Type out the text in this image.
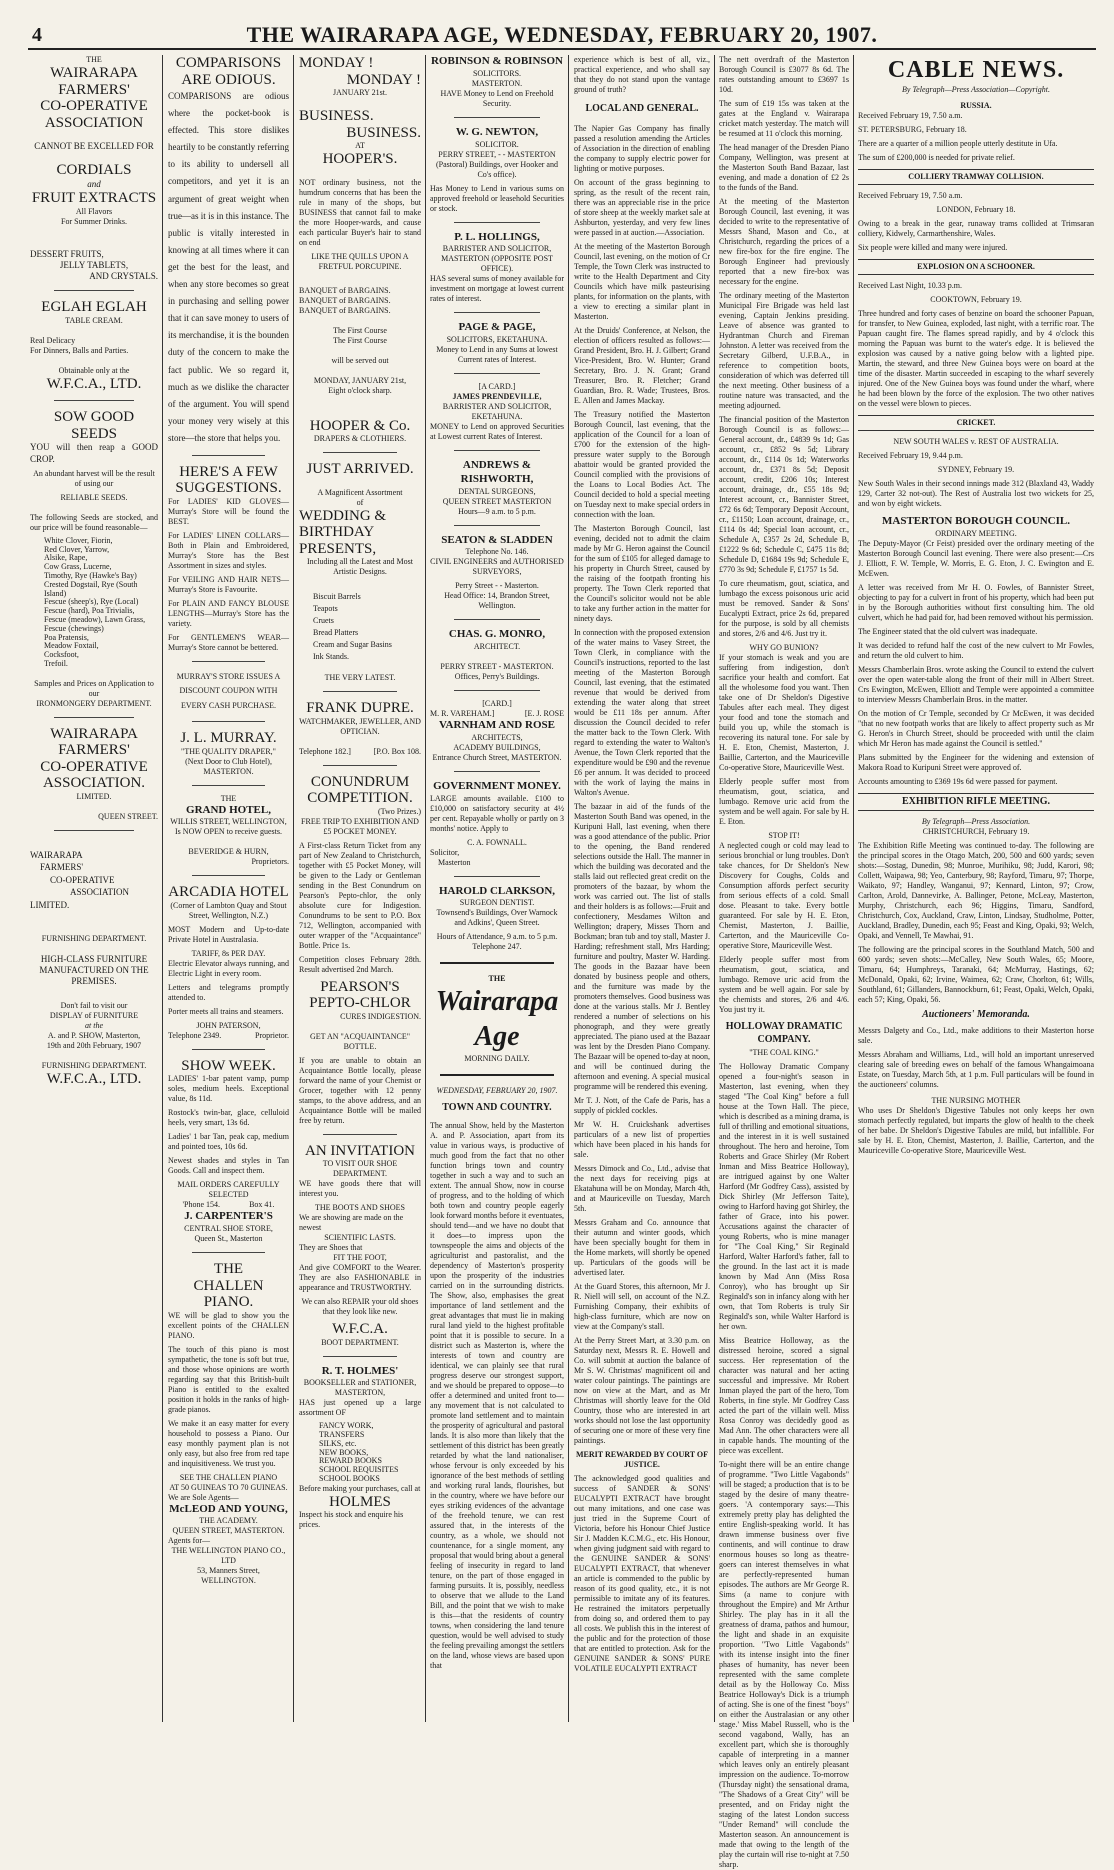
4	THE WAIRARAPA AGE, WEDNESDAY, FEBRUARY 20, 1907.
THE
WAIRARAPA
FARMERS'
CO-OPERATIVE
ASSOCIATION
CANNOT BE EXCELLED FOR
CORDIALS
and
FRUIT EXTRACTS
All Flavors
For Summer Drinks.
DESSERT FRUITS,
JELLY TABLETS,
AND CRYSTALS.
EGLAH EGLAH
TABLE CREAM.
Real Delicacy
For Dinners, Balls and Parties.
Obtainable only at the
W.F.C.A., LTD.
SOW GOOD SEEDS

YOU will then reap a GOOD CROP.

An abundant harvest will be the result of using our

RELIABLE SEEDS.

The following Seeds are stocked, and our price will be found reasonable—

White Clover, Fiorin,
Red Clover, Yarrow,
Alsike, Rape,
Cow Grass, Lucerne,
Timothy, Rye (Hawke's Bay)
Crested Dogstail, Rye (South Island)
Fescue (sheep's), Rye (Local)
Fescue (hard), Poa Trivialis,
Fescue (meadow), Lawn Grass,
Fescue (chewings)
Poa Pratensis,
Meadow Foxtail,
Cocksfoot,
Trefoil.
Samples and Prices on Application to our
IRONMONGERY DEPARTMENT.
WAIRARAPA
FARMERS'
CO-OPERATIVE
ASSOCIATION.
LIMITED.
QUEEN STREET.
WAIRARAPA
FARMERS'
CO-OPERATIVE
ASSOCIATION
LIMITED.
FURNISHING DEPARTMENT.

HIGH-CLASS FURNITURE MANUFACTURED ON THE PREMISES.

Don't fail to visit our
DISPLAY of FURNITURE
at the
A. and P. SHOW, Masterton,
19th and 20th February, 1907
FURNISHING DEPARTMENT.
W.F.C.A., LTD.
COMPARISONS ARE ODIOUS.

COMPARISONS are odious where the pocket-book is effected. This store dislikes heartily to be constantly referring to its ability to undersell all competitors, and yet it is an argument of great weight when true—as it is in this instance. The public is vitally interested in knowing at all times where it can get the best for the least, and when any store becomes so great in purchasing and selling power that it can save money to users of its merchandise, it is the bounden duty of the concern to make the fact public. We so regard it, much as we dislike the character of the argument. You will spend your money very wisely at this store—the store that helps you.

HERE'S A FEW SUGGESTIONS.

For LADIES' KID GLOVES—Murray's Store will be found the BEST.

For LADIES' LINEN COLLARS—Both in Plain and Embroidered, Murray's Store has the Best Assortment in sizes and styles.

For VEILING AND HAIR NETS—Murray's Store is Favourite.

For PLAIN AND FANCY BLOUSE LENGTHS—Murray's Store has the variety.

For GENTLEMEN'S WEAR—Murray's Store cannot be bettered.

MURRAY'S STORE ISSUES A DISCOUNT COUPON WITH EVERY CASH PURCHASE.

J. L. MURRAY.
"THE QUALITY DRAPER,"
(Next Door to Club Hotel),
MASTERTON.
THE
GRAND HOTEL,
WILLIS STREET, WELLINGTON,
Is NOW OPEN to receive guests.
BEVERIDGE & HURN,
Proprietors.
ARCADIA HOTEL

(Corner of Lambton Quay and Stout Street, Wellington, N.Z.)

MOST Modern and Up-to-date Private Hotel in Australasia.

TARIFF, 8s PER DAY.

Electric Elevator always running, and Electric Light in every room.

Letters and telegrams promptly attended to.

Porter meets all trains and steamers.

JOHN PATERSON,
Telephone 2349.	Proprietor.
SHOW WEEK.

LADIES' 1-bar patent vamp, pump soles, medium heels. Exceptional value, 8s 11d.

Rostock's twin-bar, glace, celluloid heels, very smart, 13s 6d.

Ladies' 1 bar Tan, peak cap, medium and pointed toes, 10s 6d.

Newest shades and styles in Tan Goods. Call and inspect them.

MAIL ORDERS CAREFULLY SELECTED
'Phone 154.	Box 41.
J. CARPENTER'S
CENTRAL SHOE STORE,
Queen St., Masterton
THE
CHALLEN
PIANO.

WE will be glad to show you the excellent points of the CHALLEN PIANO.

The touch of this piano is most sympathetic, the tone is soft but true, and those whose opinions are worth regarding say that this British-built Piano is entitled to the exalted position it holds in the ranks of high-grade pianos.

We make it an easy matter for every household to possess a Piano. Our easy monthly payment plan is not only easy, but also free from red tape and inquisitiveness. We trust you.

SEE THE CHALLEN PIANO
AT 50 GUINEAS TO 70 GUINEAS.
We are Sole Agents—
McLEOD AND YOUNG,
THE ACADEMY.
QUEEN STREET, MASTERTON.
Agents for—
THE WELLINGTON PIANO CO., LTD
53, Manners Street,
WELLINGTON.
MONDAY !
MONDAY !
JANUARY 21st.
BUSINESS.
BUSINESS.
AT
HOOPER'S.

NOT ordinary business, not the humdrum concerns that has been the rule in many of the shops, but BUSINESS that cannot fail to make the more Hooper-wards, and cause each particular Buyer's hair to stand on end

LIKE THE QUILLS UPON A FRETFUL PORCUPINE.

BANQUET of BARGAINS.
BANQUET of BARGAINS.
BANQUET of BARGAINS.
The First Course
The First Course
will be served out
MONDAY, JANUARY 21st,
Eight o'clock sharp.
HOOPER & Co.
DRAPERS & CLOTHIERS.
JUST ARRIVED.
A Magnificent Assortment
of
WEDDING & BIRTHDAY PRESENTS,

Including all the Latest and Most Artistic Designs.

Biscuit Barrels
Teapots
Cruets
Bread Platters
Cream and Sugar Basins
Ink Stands.
THE VERY LATEST.
FRANK DUPRE.
WATCHMAKER, JEWELLER, AND OPTICIAN.
Telephone 182.]	[P.O. Box 108.
CONUNDRUM
COMPETITION.
(Two Prizes.)

FREE TRIP TO EXHIBITION AND £5 POCKET MONEY.

A First-class Return Ticket from any part of New Zealand to Christchurch, together with £5 Pocket Money, will be given to the Lady or Gentleman sending in the Best Conundrum on Pearson's Pepto-chlor, the only absolute cure for Indigestion. Conundrums to be sent to P.O. Box 712, Wellington, accompanied with outer wrapper of the "Acquaintance" Bottle. Price 1s.

Competition closes February 28th. Result advertised 2nd March.

PEARSON'S
PEPTO-CHLOR
CURES INDIGESTION.

GET AN "ACQUAINTANCE" BOTTLE.

If you are unable to obtain an Acquaintance Bottle locally, please forward the name of your Chemist or Grocer, together with 12 penny stamps, to the above address, and an Acquaintance Bottle will be mailed free by return.

AN INVITATION
TO VISIT OUR SHOE DEPARTMENT.

WE have goods there that will interest you.

THE BOOTS AND SHOES
We are showing are made on the newest
SCIENTIFIC LASTS.
They are Shoes that
FIT THE FOOT,

And give COMFORT to the Wearer. They are also FASHIONABLE in appearance and TRUSTWORTHY.

We can also REPAIR your old shoes that they look like new.

W.F.C.A.
BOOT DEPARTMENT.
R. T. HOLMES'
BOOKSELLER and STATIONER,
MASTERTON,

HAS just opened up a large assortment OF

FANCY WORK,
TRANSFERS
SILKS, etc.
NEW BOOKS,
REWARD BOOKS
SCHOOL REQUISITES
SCHOOL BOOKS
Before making your purchases, call at
HOLMES
Inspect his stock and enquire his prices.
ROBINSON & ROBINSON
SOLICITORS.
MASTERTON.

HAVE Money to Lend on Freehold Security.

W. G. NEWTON,
SOLICITOR.
PERRY STREET, - - MASTERTON

(Pastoral) Buildings, over Hooker and Co's office).

Has Money to Lend in various sums on approved freehold or leasehold Securities or stock.

P. L. HOLLINGS,
BARRISTER AND SOLICITOR,
MASTERTON (OPPOSITE POST OFFICE).

HAS several sums of money available for investment on mortgage at lowest current rates of interest.

PAGE & PAGE,
SOLICITORS, EKETAHUNA.

Money to Lend in any Sums at lowest Current rates of Interest.

[A CARD.]
JAMES PRENDEVILLE,
BARRISTER AND SOLICITOR,
EKETAHUNA.

MONEY to Lend on approved Securities at Lowest current Rates of Interest.

ANDREWS & RISHWORTH,
DENTAL SURGEONS,
QUEEN STREET MASTERTON
Hours—9 a.m. to 5 p.m.
SEATON & SLADDEN
Telephone No. 146.

CIVIL ENGINEERS and AUTHORISED SURVEYORS,

Perry Street - - Masterton.
Head Office: 14, Brandon Street, Wellington.
CHAS. G. MONRO,
ARCHITECT.
PERRY STREET - MASTERTON.
Offices, Perry's Buildings.
[CARD.]
M. R. VAREHAM.]	[E. J. ROSE
VARNHAM AND ROSE
ARCHITECTS,
ACADEMY BUILDINGS,
Entrance Church Street, MASTERTON.
GOVERNMENT MONEY.

LARGE amounts available. £100 to £10,000 on satisfactory security at 4½ per cent. Repayable wholly or partly on 3 months' notice. Apply to

C. A. FOWNALL.
Solicitor,
Masterton
HAROLD CLARKSON,
SURGEON DENTIST.

Townsend's Buildings, Over Warnock and Adkins', Queen Street.

Hours of Attendance, 9 a.m. to 5 p.m. Telephone 247.

THE
Wairarapa Age
MORNING DAILY.
WEDNESDAY, FEBRUARY 20, 1907.
TOWN AND COUNTRY.

The annual Show, held by the Masterton A. and P. Association, apart from its value in various ways, is productive of much good from the fact that no other function brings town and country together in such a way and to such an extent. The annual Show, now in course of progress, and to the holding of which both town and country people eagerly look forward months before it eventuates, should tend—and we have no doubt that it does—to impress upon the townspeople the aims and objects of the agriculturist and pastoralist, and the dependency of Masterton's prosperity upon the prosperity of the industries carried on in the surrounding districts. The Show, also, emphasises the great importance of land settlement and the great advantages that must lie in making rural land yield to the highest profitable point that it is possible to secure. In a district such as Masterton is, where the interests of town and country are identical, we can plainly see that rural progress deserve our strongest support, and we should be prepared to oppose—to offer a determined and united front to—any movement that is not calculated to promote land settlement and to maintain the prosperity of agricultural and pastoral lands. It is also more than likely that the settlement of this district has been greatly retarded by what the land nationaliser, whose fervour is only exceeded by his ignorance of the best methods of settling and working rural lands, flourishes, but in the country, where we have before our eyes striking evidences of the advantage of the freehold tenure, we can rest assured that, in the interests of the country, as a whole, we should not countenance, for a single moment, any proposal that would bring about a general feeling of insecurity in regard to land tenure, on the part of those engaged in farming pursuits. It is, possibly, needless to observe that we allude to the Land Bill, and the point that we wish to make is this—that the residents of country towns, when considering the land tenure question, would be well advised to study the feeling prevailing amongst the settlers on the land, whose views are based upon that

experience which is best of all, viz., practical experience, and who shall say that they do not stand upon the vantage ground of truth?

LOCAL AND GENERAL.

The Napier Gas Company has finally passed a resolution amending the Articles of Association in the direction of enabling the company to supply electric power for lighting or motive purposes.

On account of the grass beginning to spring, as the result of the recent rain, there was an appreciable rise in the price of store sheep at the weekly market sale at Ashburton, yesterday, and very few lines were passed in at auction.—Association.

At the meeting of the Masterton Borough Council, last evening, on the motion of Cr Temple, the Town Clerk was instructed to write to the Health Department and City Councils which have milk pasteurising plants, for information on the plants, with a view to erecting a similar plant in Masterton.

At the Druids' Conference, at Nelson, the election of officers resulted as follows:—Grand President, Bro. H. J. Gilbert; Grand Vice-President, Bro. W. Hunter; Grand Secretary, Bro. J. N. Grant; Grand Treasurer, Bro. R. Fletcher; Grand Guardian, Bro. R. Wade; Trustees, Bros. E. Allen and James Mackay.

The Treasury notified the Masterton Borough Council, last evening, that the application of the Council for a loan of £700 for the extension of the high-pressure water supply to the Borough abattoir would be granted provided the Council complied with the provisions of the Loans to Local Bodies Act. The Council decided to hold a special meeting on Tuesday next to make special orders in connection with the loan.

The Masterton Borough Council, last evening, decided not to admit the claim made by Mr G. Heron against the Council for the sum of £105 for alleged damage to his property in Church Street, caused by the raising of the footpath fronting his property. The Town Clerk reported that the Council's solicitor would not be able to take any further action in the matter for ninety days.

In connection with the proposed extension of the water mains to Vasey Street, the Town Clerk, in compliance with the Council's instructions, reported to the last meeting of the Masterton Borough Council, last evening, that the estimated revenue that would be derived from extending the water along that street would be £11 18s per annum. After discussion the Council decided to refer the matter back to the Town Clerk. With regard to extending the water to Walton's Avenue, the Town Clerk reported that the expenditure would be £90 and the revenue £6 per annum. It was decided to proceed with the work of laying the mains in Walton's Avenue.

The bazaar in aid of the funds of the Masterton South Band was opened, in the Kuripuni Hall, last evening, when there was a good attendance of the public. Prior to the opening, the Band rendered selections outside the Hall. The manner in which the building was decorated and the stalls laid out reflected great credit on the promoters of the bazaar, by whom the work was carried out. The list of stalls and their holders is as follows:—Fruit and confectionery, Mesdames Wilton and Wellington; drapery, Misses Thorn and Bockman; bran tub and toy stall, Master J. Harding; refreshment stall, Mrs Harding; furniture and poultry, Master W. Harding. The goods in the Bazaar have been donated by business people and others, and the furniture was made by the promoters themselves. Good business was done at the various stalls. Mr J. Bentley rendered a number of selections on his phonograph, and they were greatly appreciated. The piano used at the Bazaar was lent by the Dresden Piano Company. The Bazaar will be opened to-day at noon, and will be continued during the afternoon and evening. A special musical programme will be rendered this evening.

Mr T. J. Nott, of the Cafe de Paris, has a supply of pickled cockles.

Mr W. H. Cruickshank advertises particulars of a new list of properties which have been placed in his hands for sale.

Messrs Dimock and Co., Ltd., advise that the next days for receiving pigs at Ekatahuna will be on Monday, March 4th, and at Mauriceville on Tuesday, March 5th.

Messrs Graham and Co. announce that their autumn and winter goods, which have been specially bought for them in the Home markets, will shortly be opened up. Particulars of the goods will be advertised later.

At the Guard Stores, this afternoon, Mr J. R. Niell will sell, on account of the N.Z. Furnishing Company, their exhibits of high-class furniture, which are now on view at the Company's stall.

At the Perry Street Mart, at 3.30 p.m. on Saturday next, Messrs R. E. Howell and Co. will submit at auction the balance of Mr S. W. Christmas' magnificent oil and water colour paintings. The paintings are now on view at the Mart, and as Mr Christmas will shortly leave for the Old Country, those who are interested in art works should not lose the last opportunity of securing one or more of these very fine paintings.

MERIT REWARDED BY COURT OF JUSTICE.

The acknowledged good qualities and success of SANDER & SONS' EUCALYPTI EXTRACT have brought out many imitations, and one case was just tried in the Supreme Court of Victoria, before his Honour Chief Justice Sir J. Madden K.C.M.G., etc. His Honour, when giving judgment said with regard to the GENUINE SANDER & SONS' EUCALYPTI EXTRACT, that whenever an article is commended to the public by reason of its good quality, etc., it is not permissible to imitate any of its features. He restrained the imitators perpetually from doing so, and ordered them to pay all costs. We publish this in the interest of the public and for the protection of those that are entitled to protection. Ask for the GENUINE SANDER & SONS' PURE VOLATILE EUCALYPTI EXTRACT

The nett overdraft of the Masterton Borough Council is £3077 8s 6d. The rates outstanding amount to £3697 1s 10d.

The sum of £19 15s was taken at the gates at the England v. Wairarapa cricket match yesterday. The match will be resumed at 11 o'clock this morning.

The head manager of the Dresden Piano Company, Wellington, was present at the Masterton South Band Bazaar, last evening, and made a donation of £2 2s to the funds of the Band.

At the meeting of the Masterton Borough Council, last evening, it was decided to write to the representative of Messrs Shand, Mason and Co., at Christchurch, regarding the prices of a new fire-box for the fire engine. The Borough Engineer had previously reported that a new fire-box was necessary for the engine.

The ordinary meeting of the Masterton Municipal Fire Brigade was held last evening, Captain Jenkins presiding. Leave of absence was granted to Hydrantman Church and Fireman Johnston. A letter was received from the Secretary Gilberd, U.F.B.A., in reference to competition boots, consideration of which was deferred till the next meeting. Other business of a routine nature was transacted, and the meeting adjourned.

The financial position of the Masterton Borough Council is as follows:—General account, dr., £4839 9s 1d; Gas account, cr., £852 9s 5d; Library account, dr., £114 0s 1d; Waterworks account, dr., £371 8s 5d; Deposit account, credit, £206 10s; Interest account, drainage, dr., £55 18s 9d; Interest account, cr., Bannister Street, £72 6s 6d; Temporary Deposit Account, cr., £1150; Loan account, drainage, cr., £114 0s 4d; Special loan account, cr., Schedule A, £357 2s 2d, Schedule B, £1222 9s 6d; Schedule C, £475 11s 8d; Schedule D, £1684 19s 9d; Schedule E, £770 3s 9d; Schedule F, £1757 1s 5d.

To cure rheumatism, gout, sciatica, and lumbago the excess poisonous uric acid must be removed. Sander & Sons' Eucalypti Extract, price 2s 6d, prepared for the purpose, is sold by all chemists and stores, 2/6 and 4/6. Just try it.

WHY GO BUNION?

If your stomach is weak and you are suffering from indigestion, don't sacrifice your health and comfort. Eat all the wholesome food you want. Then take one of Dr Sheldon's Digestive Tabules after each meal. They digest your food and tone the stomach and build you up, while the stomach is recovering its natural tone. For sale by H. E. Eton, Chemist, Masterton, J. Baillie, Carterton, and the Mauriceville Co-operative Store, Mauriceville West.

Elderly people suffer most from rheumatism, gout, sciatica, and lumbago. Remove uric acid from the system and be well again. For sale by H. E. Eton.

STOP IT!

A neglected cough or cold may lead to serious bronchial or lung troubles. Don't take chances, for Dr Sheldon's New Discovery for Coughs, Colds and Consumption affords perfect security from serious effects of a cold. Small dose. Pleasant to take. Every bottle guaranteed. For sale by H. E. Eton, Chemist, Masterton, J. Baillie, Carterton, and the Mauriceville Co-operative Store, Mauriceville West.

Elderly people suffer most from rheumatism, gout, sciatica, and lumbago. Remove uric acid from the system and be well again. For sale by the chemists and stores, 2/6 and 4/6. You just try it.

HOLLOWAY DRAMATIC COMPANY.
"THE COAL KING."

The Holloway Dramatic Company opened a four-night's season in Masterton, last evening, when they staged "The Coal King" before a full house at the Town Hall. The piece, which is described as a mining drama, is full of thrilling and emotional situations, and the interest in it is well sustained throughout. The hero and heroine, Tom Roberts and Grace Shirley (Mr Robert Inman and Miss Beatrice Holloway), are intrigued against by one Walter Harford (Mr Godfrey Cass), assisted by Dick Shirley (Mr Jefferson Taite), owing to Harford having got Shirley, the father of Grace, into his power. Accusations against the character of young Roberts, who is mine manager for "The Coal King," Sir Reginald Harford, Walter Harford's father, fall to the ground. In the last act it is made known by Mad Ann (Miss Rosa Conroy), who has brought up Sir Reginald's son in infancy along with her own, that Tom Roberts is truly Sir Reginald's son, while Walter Harford is her own.

Miss Beatrice Holloway, as the distressed heroine, scored a signal success. Her representation of the character was natural and her acting successful and impressive. Mr Robert Inman played the part of the hero, Tom Roberts, in fine style. Mr Godfrey Cass acted the part of the villain well. Miss Rosa Conroy was decidedly good as Mad Ann. The other characters were all in capable hands. The mounting of the piece was excellent.

To-night there will be an entire change of programme. "Two Little Vagabonds" will be staged; a production that is to be staged by the desire of many theatre-goers. 'A contemporary says:—This extremely pretty play has delighted the entire English-speaking world. It has drawn immense business over five continents, and will continue to draw enormous houses so long as theatre-goers can interest themselves in what are perfectly-represented human episodes. The authors are Mr George R. Sims (a name to conjure with throughout the Empire) and Mr Arthur Shirley. The play has in it all the greatness of drama, pathos and humour, the light and shade in an exquisite proportion. "Two Little Vagabonds" with its intense insight into the finer phases of humanity, has never been represented with the same complete detail as by the Holloway Co. Miss Beatrice Holloway's Dick is a triumph of acting. She is one of the finest "boys" on either the Australasian or any other stage.' Miss Mabel Russell, who is the second vagabond, Wally, has an excellent part, which she is thoroughly capable of interpreting in a manner which leaves only an entirely pleasant impression on the audience. To-morrow (Thursday night) the sensational drama, "The Shadows of a Great City" will be presented, and on Friday night the staging of the latest London success "Under Remand" will conclude the Masterton season. An announcement is made that owing to the length of the play the curtain will rise to-night at 7.50 sharp.

CABLE NEWS.
By Telegraph—Press Association—Copyright.
RUSSIA.

Received February 19, 7.50 a.m.

ST. PETERSBURG, February 18.

There are a quarter of a million people utterly destitute in Ufa.

The sum of £200,000 is needed for private relief.

COLLIERY TRAMWAY COLLISION.

Received February 19, 7.50 a.m.

LONDON, February 18.

Owing to a break in the gear, runaway trams collided at Trimsaran colliery, Kidwely, Carmarthenshire, Wales.

Six people were killed and many were injured.

EXPLOSION ON A SCHOONER.

Received Last Night, 10.33 p.m.

COOKTOWN, February 19.

Three hundred and forty cases of benzine on board the schooner Papuan, for transfer, to New Guinea, exploded, last night, with a terrific roar. The Papuan caught fire. The flames spread rapidly, and by 4 o'clock this morning the Papuan was burnt to the water's edge. It is believed the explosion was caused by a native going below with a lighted pipe. Martin, the steward, and three New Guinea boys were on board at the time of the disaster. Martin succeeded in escaping to the wharf severely injured. One of the New Guinea boys was found under the wharf, where he had been blown by the force of the explosion. The two other natives on the vessel were blown to pieces.

CRICKET.

NEW SOUTH WALES v. REST OF AUSTRALIA.

Received February 19, 9.44 p.m.

SYDNEY, February 19.

New South Wales in their second innings made 312 (Blaxland 43, Waddy 129, Carter 32 not-out). The Rest of Australia lost two wickets for 25, and won by eight wickets.

MASTERTON BOROUGH COUNCIL.
ORDINARY MEETING.

The Deputy-Mayor (Cr Feist) presided over the ordinary meeting of the Masterton Borough Council last evening. There were also present:—Crs J. Elliott, F. W. Temple, W. Morris, E. G. Eton, J. C. Ewington and E. McEwen.

A letter was received from Mr H. O. Fowles, of Bannister Street, objecting to pay for a culvert in front of his property, which had been put in by the Borough authorities without first consulting him. The old culvert, which he had paid for, had been removed without his permission.

The Engineer stated that the old culvert was inadequate.

It was decided to refund half the cost of the new culvert to Mr Fowles, and return the old culvert to him.

Messrs Chamberlain Bros. wrote asking the Council to extend the culvert over the open water-table along the front of their mill in Albert Street. Crs Ewington, McEwen, Elliott and Temple were appointed a committee to interview Messrs Chamberlain Bros. in the matter.

On the motion of Cr Temple, seconded by Cr McEwen, it was decided "that no new footpath works that are likely to affect property such as Mr G. Heron's in Church Street, should be proceeded with until the claim which Mr Heron has made against the Council is settled."

Plans submitted by the Engineer for the widening and extension of Makora Road to Kuripuni Street were approved of.

Accounts amounting to £369 19s 6d were passed for payment.

EXHIBITION RIFLE MEETING.
By Telegraph—Press Association.

CHRISTCHURCH, February 19.

The Exhibition Rifle Meeting was continued to-day. The following are the principal scores in the Otago Match, 200, 500 and 600 yards; seven shots:—Sostag, Dunedin, 98; Munroe, Murihiku, 98; Judd, Karori, 98; Collett, Waipawa, 98; Yeo, Canterbury, 98; Rayford, Timaru, 97; Thorpe, Waikato, 97; Handley, Wanganui, 97; Kennard, Linton, 97; Crow, Carlton, Arold, Dannevirke, A. Ballinger, Petone, McLeay, Masterton, Murphy, Christchurch, each 96; Higgins, Timaru, Sandford, Christchurch, Cox, Auckland, Craw, Linton, Lindsay, Studholme, Potter, Auckland, Bradley, Dunedin, each 95; Feast and King, Opaki, 93; Welch, Opaki, and Vennell, Te Mawhai, 91.

The following are the principal scores in the Southland Match, 500 and 600 yards; seven shots:—McCalley, New South Wales, 65; Moore, Timaru, 64; Humphreys, Taranaki, 64; McMurray, Hastings, 62; McDonald, Opaki, 62; Irvine, Waimea, 62; Craw, Chorlton, 61; Wills, Southland, 61; Gillanders, Bannockburn, 61; Feast, Opaki, Welch, Opaki, each 57; King, Opaki, 56.

Auctioneers' Memoranda.

Messrs Dalgety and Co., Ltd., make additions to their Masterton horse sale.

Messrs Abraham and Williams, Ltd., will hold an important unreserved clearing sale of breeding ewes on behalf of the famous Whangaimoana Estate, on Tuesday, March 5th, at 1 p.m. Full particulars will be found in the auctioneers' columns.

THE NURSING MOTHER

Who uses Dr Sheldon's Digestive Tabules not only keeps her own stomach perfectly regulated, but imparts the glow of health to the cheek of her babe. Dr Sheldon's Digestive Tabules are mild, but infallible. For sale by H. E. Eton, Chemist, Masterton, J. Baillie, Carterton, and the Mauriceville Co-operative Store, Mauriceville West.
